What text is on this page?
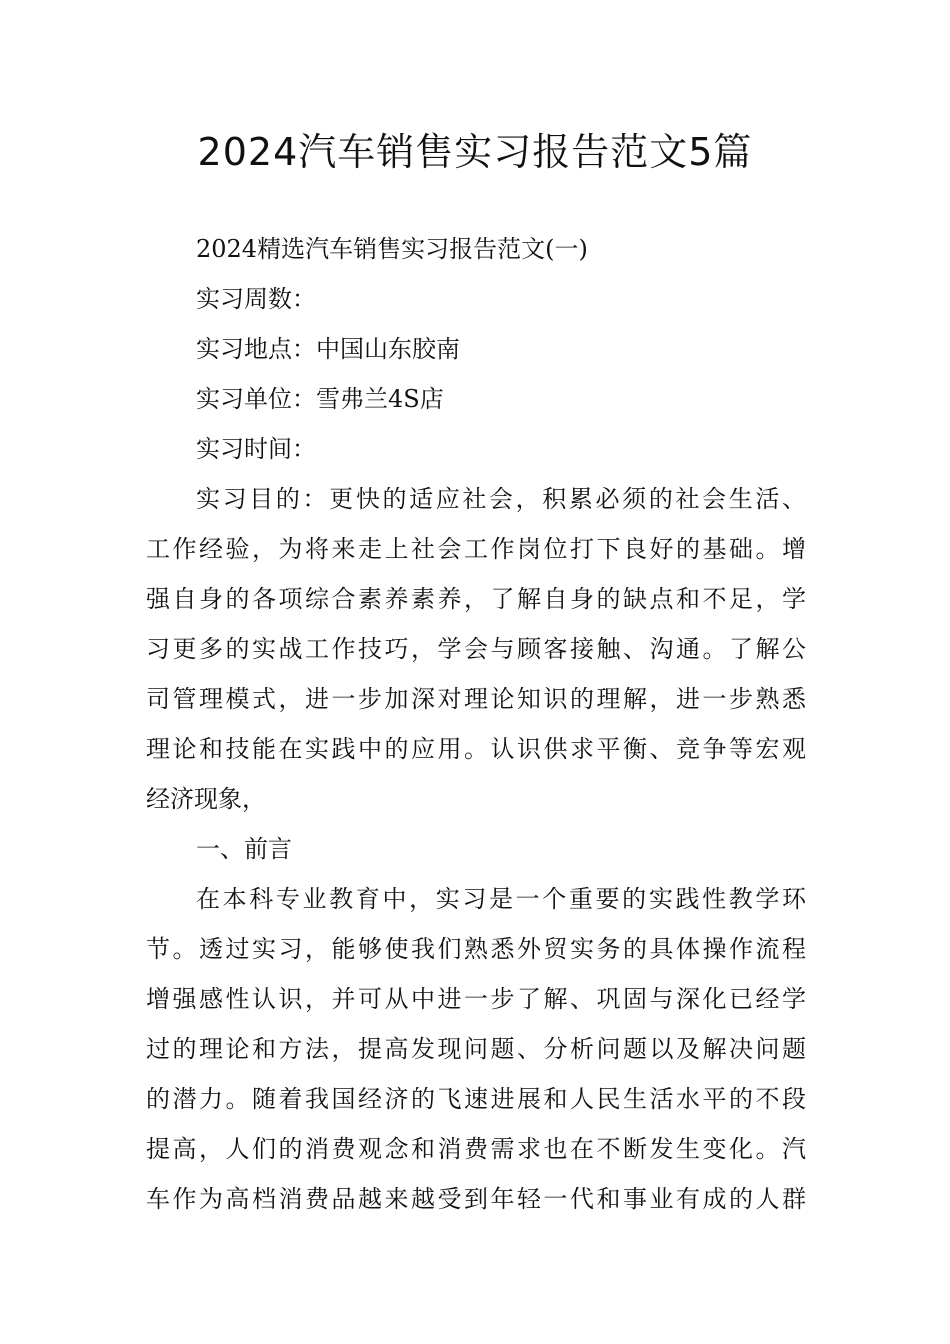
2024汽车销售实习报告范文5篇
2024精选汽车销售实习报告范文(一)
实习周数：
实习地点：中国山东胶南
实习单位：雪弗兰4S店
实习时间：
实习目的：更快的适应社会，积累必须的社会生活、
工作经验，为将来走上社会工作岗位打下良好的基础。增
强自身的各项综合素养素养，了解自身的缺点和不足，学
习更多的实战工作技巧，学会与顾客接触、沟通。了解公
司管理模式，进一步加深对理论知识的理解，进一步熟悉
理论和技能在实践中的应用。认识供求平衡、竞争等宏观
经济现象，
一、前言
在本科专业教育中，实习是一个重要的实践性教学环
节。透过实习，能够使我们熟悉外贸实务的具体操作流程
增强感性认识，并可从中进一步了解、巩固与深化已经学
过的理论和方法，提高发现问题、分析问题以及解决问题
的潜力。随着我国经济的飞速进展和人民生活水平的不段
提高，人们的消费观念和消费需求也在不断发生变化。汽
车作为高档消费品越来越受到年轻一代和事业有成的人群
